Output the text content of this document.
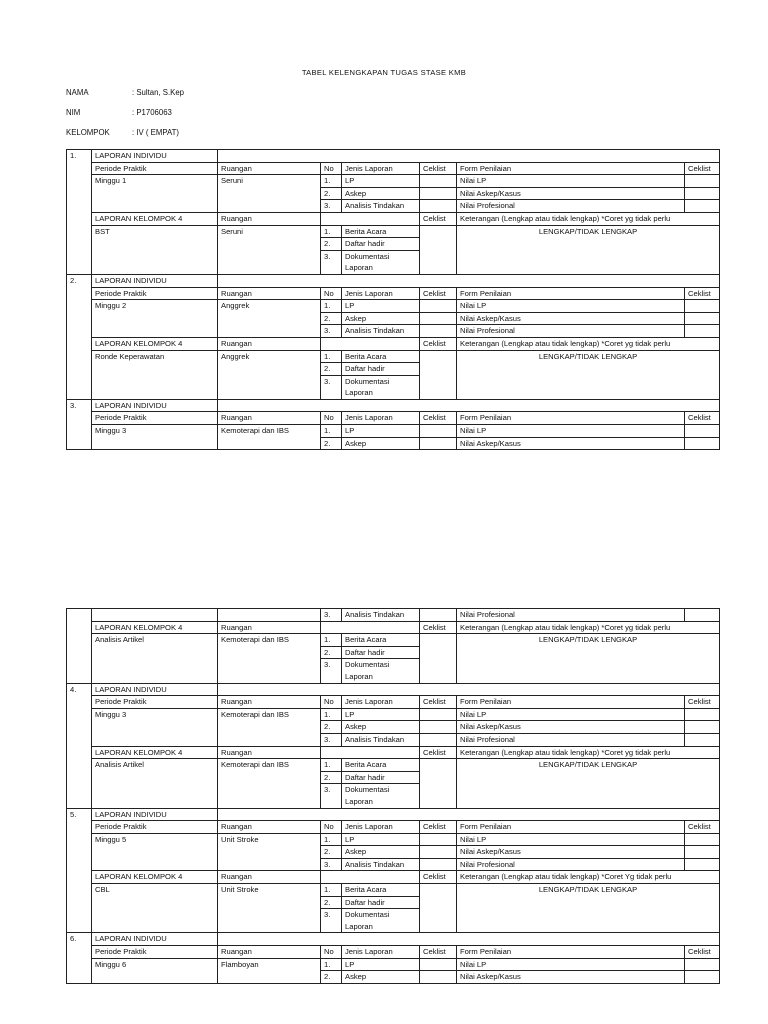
TABEL KELENGKAPAN TUGAS STASE KMB
NAMA	: Sultan, S.Kep
NIM	: P1706063
KELOMPOK	: IV ( EMPAT)
1.	LAPORAN INDIVIDU						
	Periode Praktik	Ruangan	No	Jenis Laporan	Ceklist	Form Penilaian	Ceklist
	Minggu 1	Seruni	1.	LP		Nilai LP	
			2.	Askep		Nilai Askep/Kasus	
			3.	Analisis Tindakan		Nilai Profesional	

	LAPORAN KELOMPOK 4	Ruangan			Ceklist	Keterangan (Lengkap atau tidak lengkap) *Coret yg tidak perlu	
	BST	Seruni	1.	Berita Acara		LENGKAP/TIDAK LENGKAP	
			2.	Daftar hadir			
			3.	Dokumentasi Laporan			

2.	LAPORAN INDIVIDU						
	Periode Praktik	Ruangan	No	Jenis Laporan	Ceklist	Form Penilaian	Ceklist
	Minggu 2	Anggrek	1.	LP		Nilai LP	
			2.	Askep		Nilai Askep/Kasus	
			3.	Analisis Tindakan		Nilai Profesional	

	LAPORAN KELOMPOK 4	Ruangan			Ceklist	Keterangan (Lengkap atau tidak lengkap) *Coret yg tidak perlu	
	Ronde Keperawatan	Anggrek	1.	Berita Acara		LENGKAP/TIDAK LENGKAP	
			2.	Daftar hadir			
			3.	Dokumentasi Laporan			

3.	LAPORAN INDIVIDU						
	Periode Praktik	Ruangan	No	Jenis Laporan	Ceklist	Form Penilaian	Ceklist
	Minggu 3	Kemoterapi dan IBS	1.	LP		Nilai LP	
			2.	Askep		Nilai Askep/Kasus	
			3.	Analisis Tindakan		Nilai Profesional	

	LAPORAN KELOMPOK 4	Ruangan			Ceklist	Keterangan (Lengkap atau tidak lengkap) *Coret yg tidak perlu	
	Analisis Artikel	Kemoterapi dan IBS	1.	Berita Acara		LENGKAP/TIDAK LENGKAP	
			2.	Daftar hadir			
			3.	Dokumentasi Laporan			

4.	LAPORAN INDIVIDU						
	Periode Praktik	Ruangan	No	Jenis Laporan	Ceklist	Form Penilaian	Ceklist
	Minggu 3	Kemoterapi dan IBS	1.	LP		Nilai LP	
			2.	Askep		Nilai Askep/Kasus	
			3.	Analisis Tindakan		Nilai Profesional	

	LAPORAN KELOMPOK 4	Ruangan			Ceklist	Keterangan (Lengkap atau tidak lengkap) *Coret yg tidak perlu	
	Analisis Artikel	Kemoterapi dan IBS	1.	Berita Acara		LENGKAP/TIDAK LENGKAP	
			2.	Daftar hadir			
			3.	Dokumentasi Laporan			

5.	LAPORAN INDIVIDU						
	Periode Praktik	Ruangan	No	Jenis Laporan	Ceklist	Form Penilaian	Ceklist
	Minggu 5	Unit Stroke	1.	LP		Nilai LP	
			2.	Askep		Nilai Askep/Kasus	
			3.	Analisis Tindakan		Nilai Profesional	

	LAPORAN KELOMPOK 4	Ruangan			Ceklist	Keterangan (Lengkap atau tidak lengkap) *Coret Yg tidak perlu	
	CBL	Unit Stroke	1.	Berita Acara		LENGKAP/TIDAK LENGKAP	
			2.	Daftar hadir			
			3.	Dokumentasi Laporan			

6.	LAPORAN INDIVIDU						
	Periode Praktik	Ruangan	No	Jenis Laporan	Ceklist	Form Penilaian	Ceklist
	Minggu 6	Flamboyan	1.	LP		Nilai LP	
			2.	Askep		Nilai Askep/Kasus	
